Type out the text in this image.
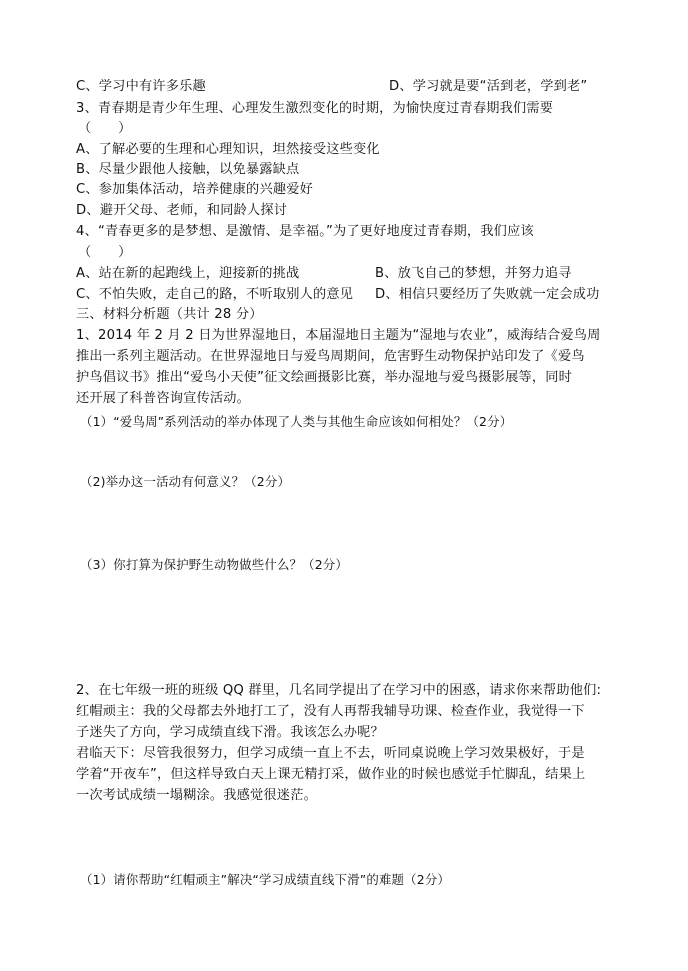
C、学习中有许多乐趣	D、学习就是要“活到老，学到老”
3、青春期是青少年生理、心理发生激烈变化的时期，为愉快度过青春期我们需要
（　　）
A、了解必要的生理和心理知识，坦然接受这些变化
B、尽量少跟他人接触，以免暴露缺点
C、参加集体活动，培养健康的兴趣爱好
D、避开父母、老师，和同龄人探讨
4、“青春更多的是梦想、是激情、是幸福。”为了更好地度过青春期，我们应该
（　　）
A、站在新的起跑线上，迎接新的挑战	B、放飞自己的梦想，并努力追寻
C、不怕失败，走自己的路，不听取别人的意见	D、相信只要经历了失败就一定会成功
三、材料分析题（共计 28 分）
1、2014 年 2 月 2 日为世界湿地日，本届湿地日主题为“湿地与农业”，威海结合爱鸟周
推出一系列主题活动。在世界湿地日与爱鸟周期间，危害野生动物保护站印发了《爱鸟
护鸟倡议书》推出“爱鸟小天使”征文绘画摄影比赛，举办湿地与爱鸟摄影展等，同时
还开展了科普咨询宣传活动。
（1）“爱鸟周”系列活动的举办体现了人类与其他生命应该如何相处？（2分）
（2)举办这一活动有何意义？（2分）
（3）你打算为保护野生动物做些什么？（2分）
2、在七年级一班的班级 QQ 群里，几名同学提出了在学习中的困惑，请求你来帮助他们:
红帽顽主：我的父母都去外地打工了，没有人再帮我辅导功课、检查作业，我觉得一下
子迷失了方向，学习成绩直线下滑。我该怎么办呢？
君临天下：尽管我很努力，但学习成绩一直上不去，听同桌说晚上学习效果极好，于是
学着“开夜车”，但这样导致白天上课无精打采，做作业的时候也感觉手忙脚乱，结果上
一次考试成绩一塌糊涂。我感觉很迷茫。
（1）请你帮助“红帽顽主”解决“学习成绩直线下滑”的难题（2分）
